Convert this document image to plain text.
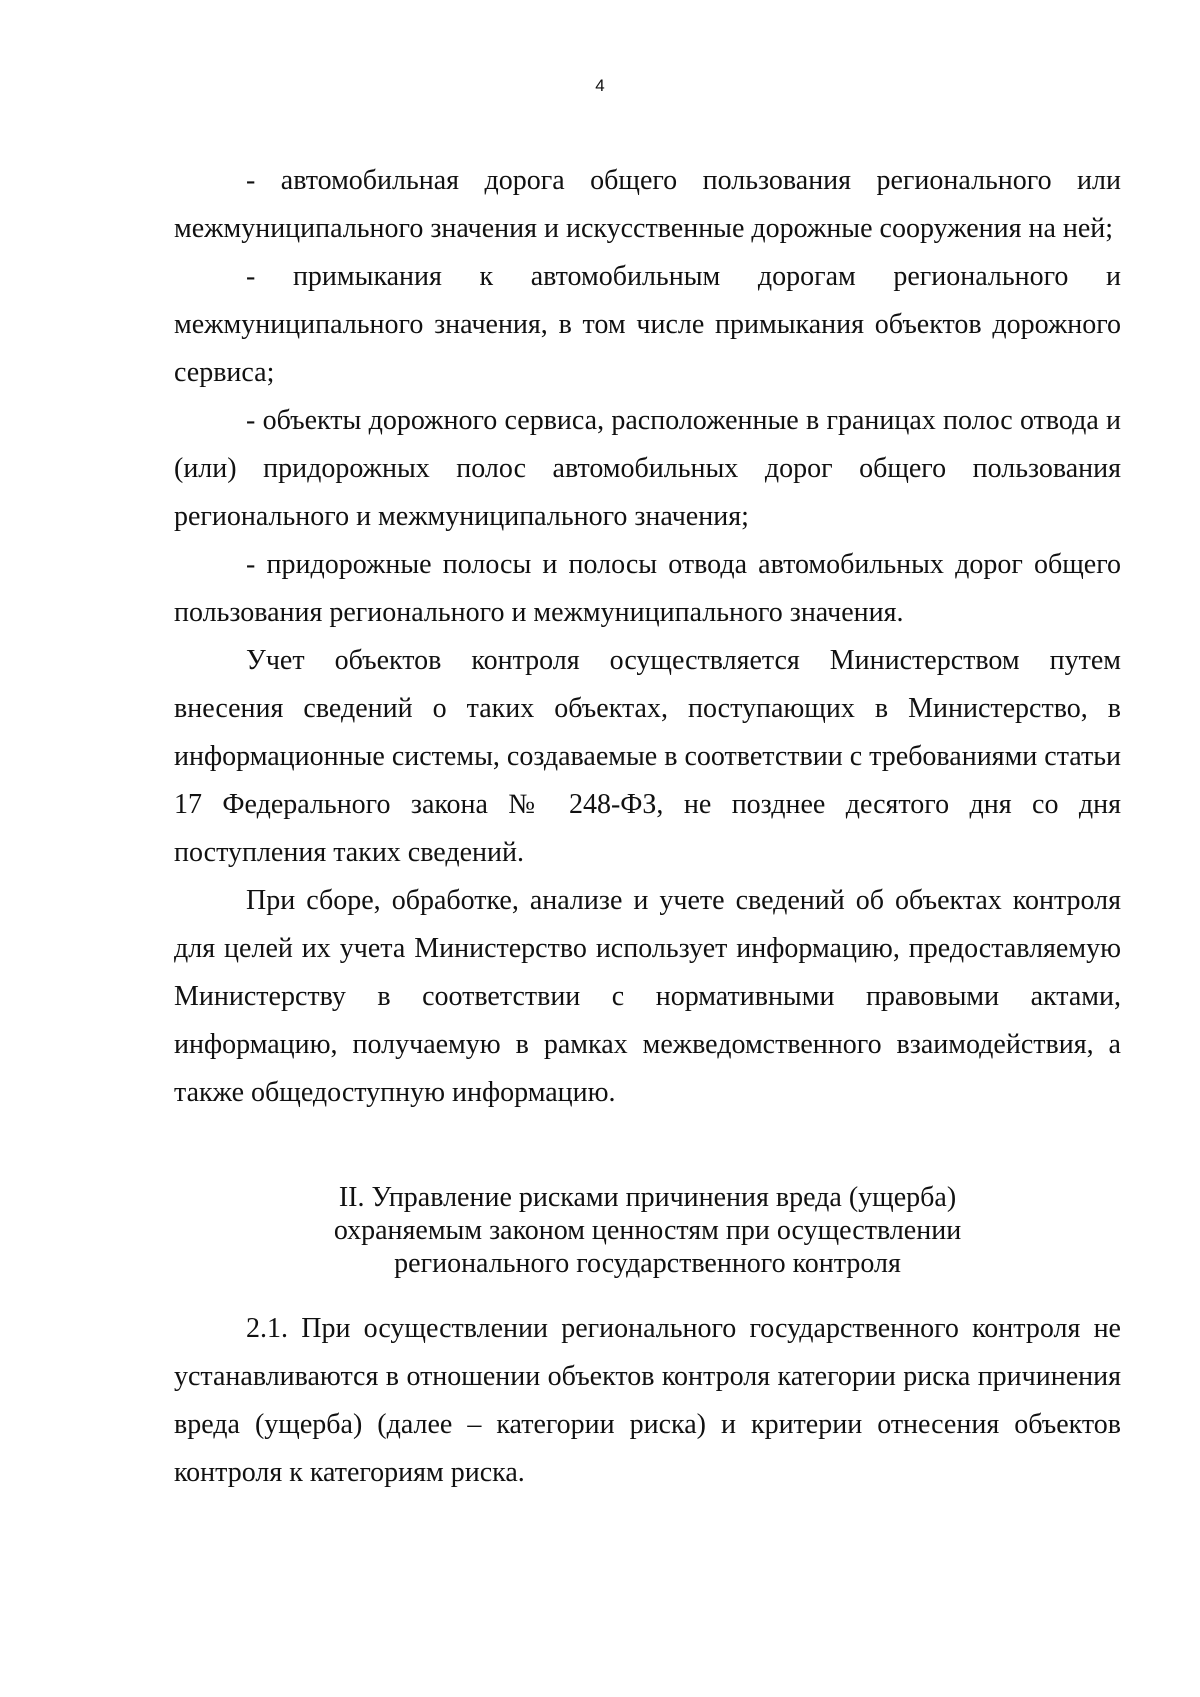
4

- автомобильная дорога общего пользования регионального или межмуниципального значения и искусственные дорожные сооружения на ней;

- примыкания к автомобильным дорогам регионального и межмуниципального значения, в том числе примыкания объектов дорожного сервиса;

- объекты дорожного сервиса, расположенные в границах полос отвода и (или) придорожных полос автомобильных дорог общего пользования регионального и межмуниципального значения;

- придорожные полосы и полосы отвода автомобильных дорог общего пользования регионального и межмуниципального значения.

Учет объектов контроля осуществляется Министерством путем внесения сведений о таких объектах, поступающих в Министерство, в информационные системы, создаваемые в соответствии с требованиями статьи 17 Федерального закона № 248-ФЗ, не позднее десятого дня со дня поступления таких сведений.

При сборе, обработке, анализе и учете сведений об объектах контроля для целей их учета Министерство использует информацию, предоставляемую Министерству в соответствии с нормативными правовыми актами, информацию, получаемую в рамках межведомственного взаимодействия, а также общедоступную информацию.

II. Управление рисками причинения вреда (ущерба)
охраняемым законом ценностям при осуществлении
регионального государственного контроля

2.1. При осуществлении регионального государственного контроля не устанавливаются в отношении объектов контроля категории риска причинения вреда (ущерба) (далее – категории риска) и критерии отнесения объектов контроля к категориям риска.
